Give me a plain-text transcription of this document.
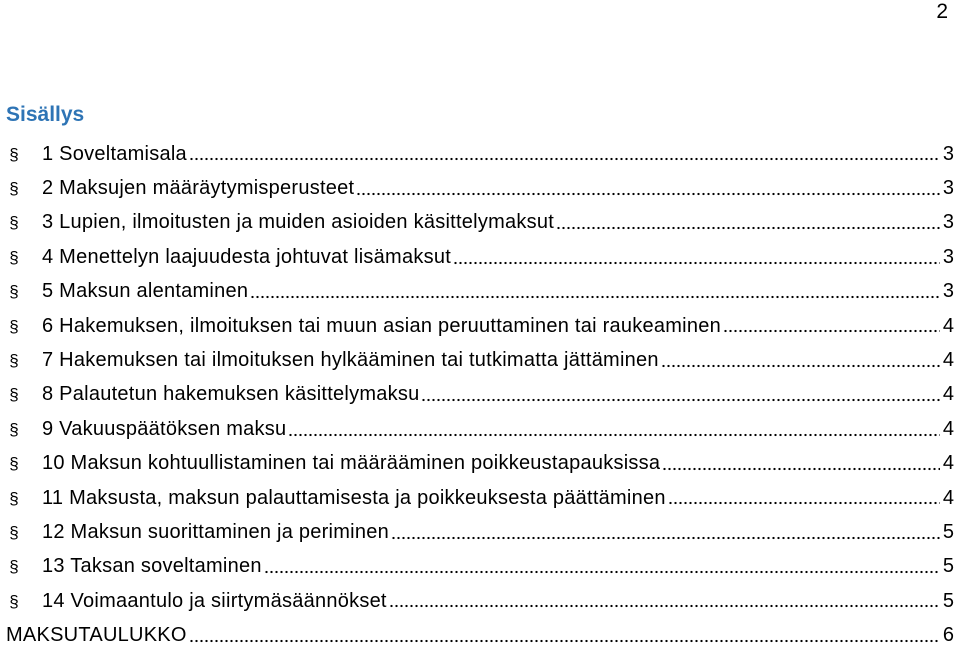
2
Sisällys
§ 1 Soveltamisala	3
§ 2 Maksujen määräytymisperusteet	3
§ 3 Lupien, ilmoitusten ja muiden asioiden käsittelymaksut	3
§ 4 Menettelyn laajuudesta johtuvat lisämaksut	3
§ 5 Maksun alentaminen	3
§ 6 Hakemuksen, ilmoituksen tai muun asian peruuttaminen tai raukeaminen	4
§ 7 Hakemuksen tai ilmoituksen hylkääminen tai tutkimatta jättäminen	4
§ 8 Palautetun hakemuksen käsittelymaksu	4
§ 9 Vakuuspäätöksen maksu	4
§ 10 Maksun kohtuullistaminen tai määrääminen poikkeustapauksissa	4
§ 11 Maksusta, maksun palauttamisesta ja poikkeuksesta päättäminen	4
§ 12 Maksun suorittaminen ja periminen	5
§ 13 Taksan soveltaminen	5
§ 14 Voimaantulo ja siirtymäsäännökset	5
MAKSUTAULUKKO	6
